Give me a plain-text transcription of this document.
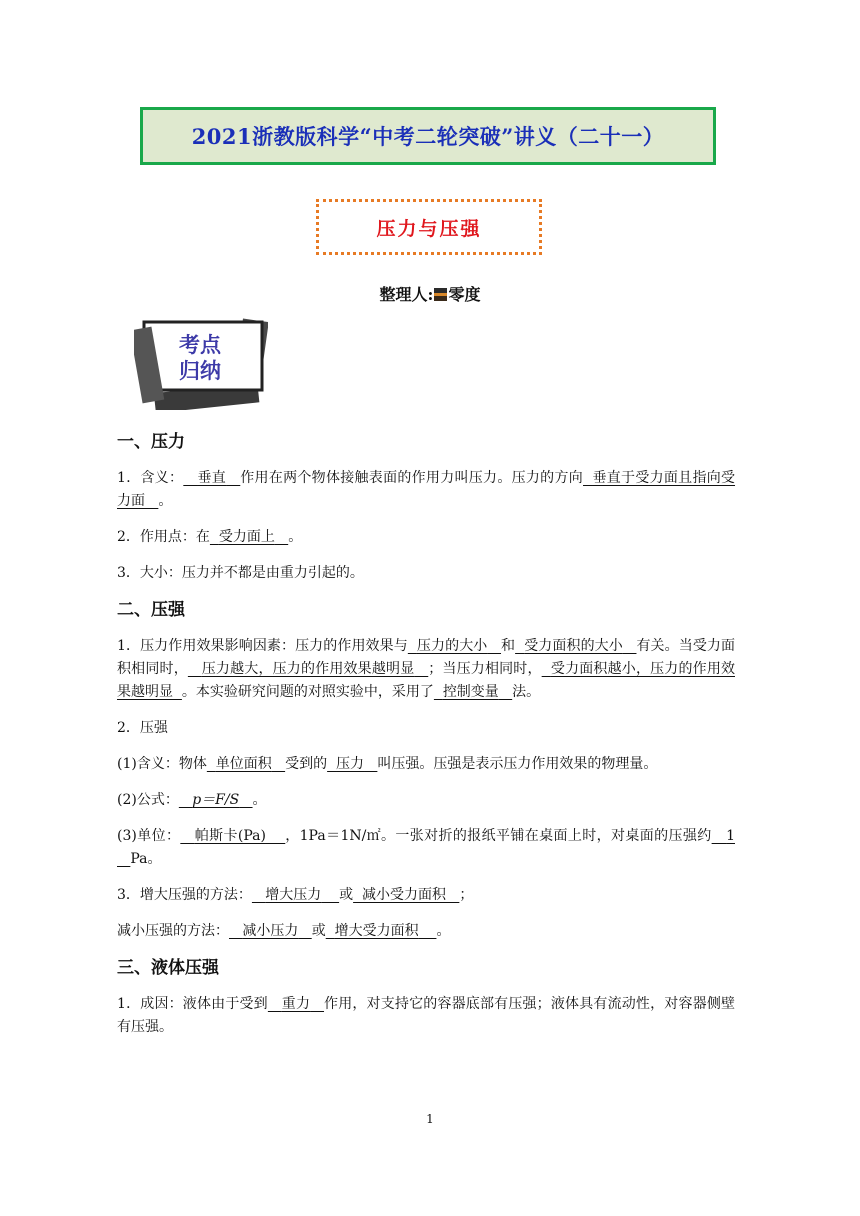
2021浙教版科学“中考二轮突破”讲义（二十一）
压力与压强
整理人: 零度
考点
归纳
一、压力
1．含义： 垂直 作用在两个物体接触表面的作用力叫压力。压力的方向 垂直于受力面且指向受力面 。
2．作用点：在 受力面上 。
3．大小：压力并不都是由重力引起的。
二、压强
1．压力作用效果影响因素：压力的作用效果与 压力的大小 和 受力面积的大小 有关。当受力面积相同时， 压力越大，压力的作用效果越明显 ；当压力相同时， 受力面积越小，压力的作用效果越明显 。本实验研究问题的对照实验中，采用了 控制变量 法。
2．压强
(1)含义：物体 单位面积 受到的 压力 叫压强。压强是表示压力作用效果的物理量。
(2)公式： p＝F/S 。
(3)单位： 帕斯卡(Pa) ，1Pa＝1N/㎡。一张对折的报纸平铺在桌面上时，对桌面的压强约 1   Pa。
3．增大压强的方法： 增大压力 或 减小受力面积 ；
减小压强的方法： 减小压力 或 增大受力面积 。
三、液体压强
1．成因：液体由于受到 重力 作用，对支持它的容器底部有压强；液体具有流动性，对容器侧壁有压强。
1
